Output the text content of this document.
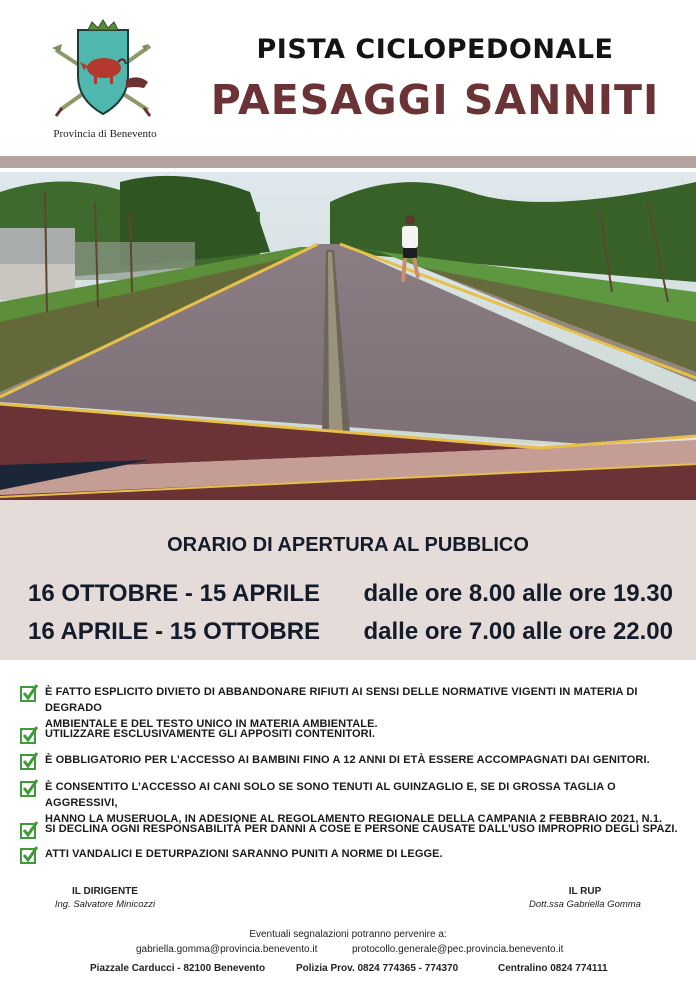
Provincia di Benevento
PISTA CICLOPEDONALE
PAESAGGI SANNITI
ORARIO DI APERTURA AL PUBBLICO
16 OTTOBRE - 15 APRILE dalle ore 8.00 alle ore 19.30
16 APRILE - 15 OTTOBRE dalle ore 7.00 alle ore 22.00
È FATTO ESPLICITO DIVIETO DI ABBANDONARE RIFIUTI AI SENSI DELLE NORMATIVE VIGENTI IN MATERIA DI DEGRADO
AMBIENTALE E DEL TESTO UNICO IN MATERIA AMBIENTALE.
UTILIZZARE ESCLUSIVAMENTE GLI APPOSITI CONTENITORI.
È OBBLIGATORIO PER L’ACCESSO AI BAMBINI FINO A 12 ANNI DI ETÀ ESSERE ACCOMPAGNATI DAI GENITORI.
È CONSENTITO L’ACCESSO AI CANI SOLO SE SONO TENUTI AL GUINZAGLIO E, SE DI GROSSA TAGLIA O AGGRESSIVI,
HANNO LA MUSERUOLA, IN ADESIONE AL REGOLAMENTO REGIONALE DELLA CAMPANIA 2 FEBBRAIO 2021, N.1.
SI DECLINA OGNI RESPONSABILITÀ PER DANNI A COSE E PERSONE CAUSATE DALL’USO IMPROPRIO DEGLI SPAZI.
ATTI VANDALICI E DETURPAZIONI SARANNO PUNITI A NORME DI LEGGE.
IL DIRIGENTE
Ing. Salvatore Minicozzi
IL RUP
Dott.ssa Gabriella Gomma
Eventuali segnalazioni potranno pervenire a:
gabriella.gomma@provincia.benevento.it	protocollo.generale@pec.provincia.benevento.it
Piazzale Carducci - 82100 Benevento	Polizia Prov. 0824 774365 - 774370	Centralino 0824 774111
